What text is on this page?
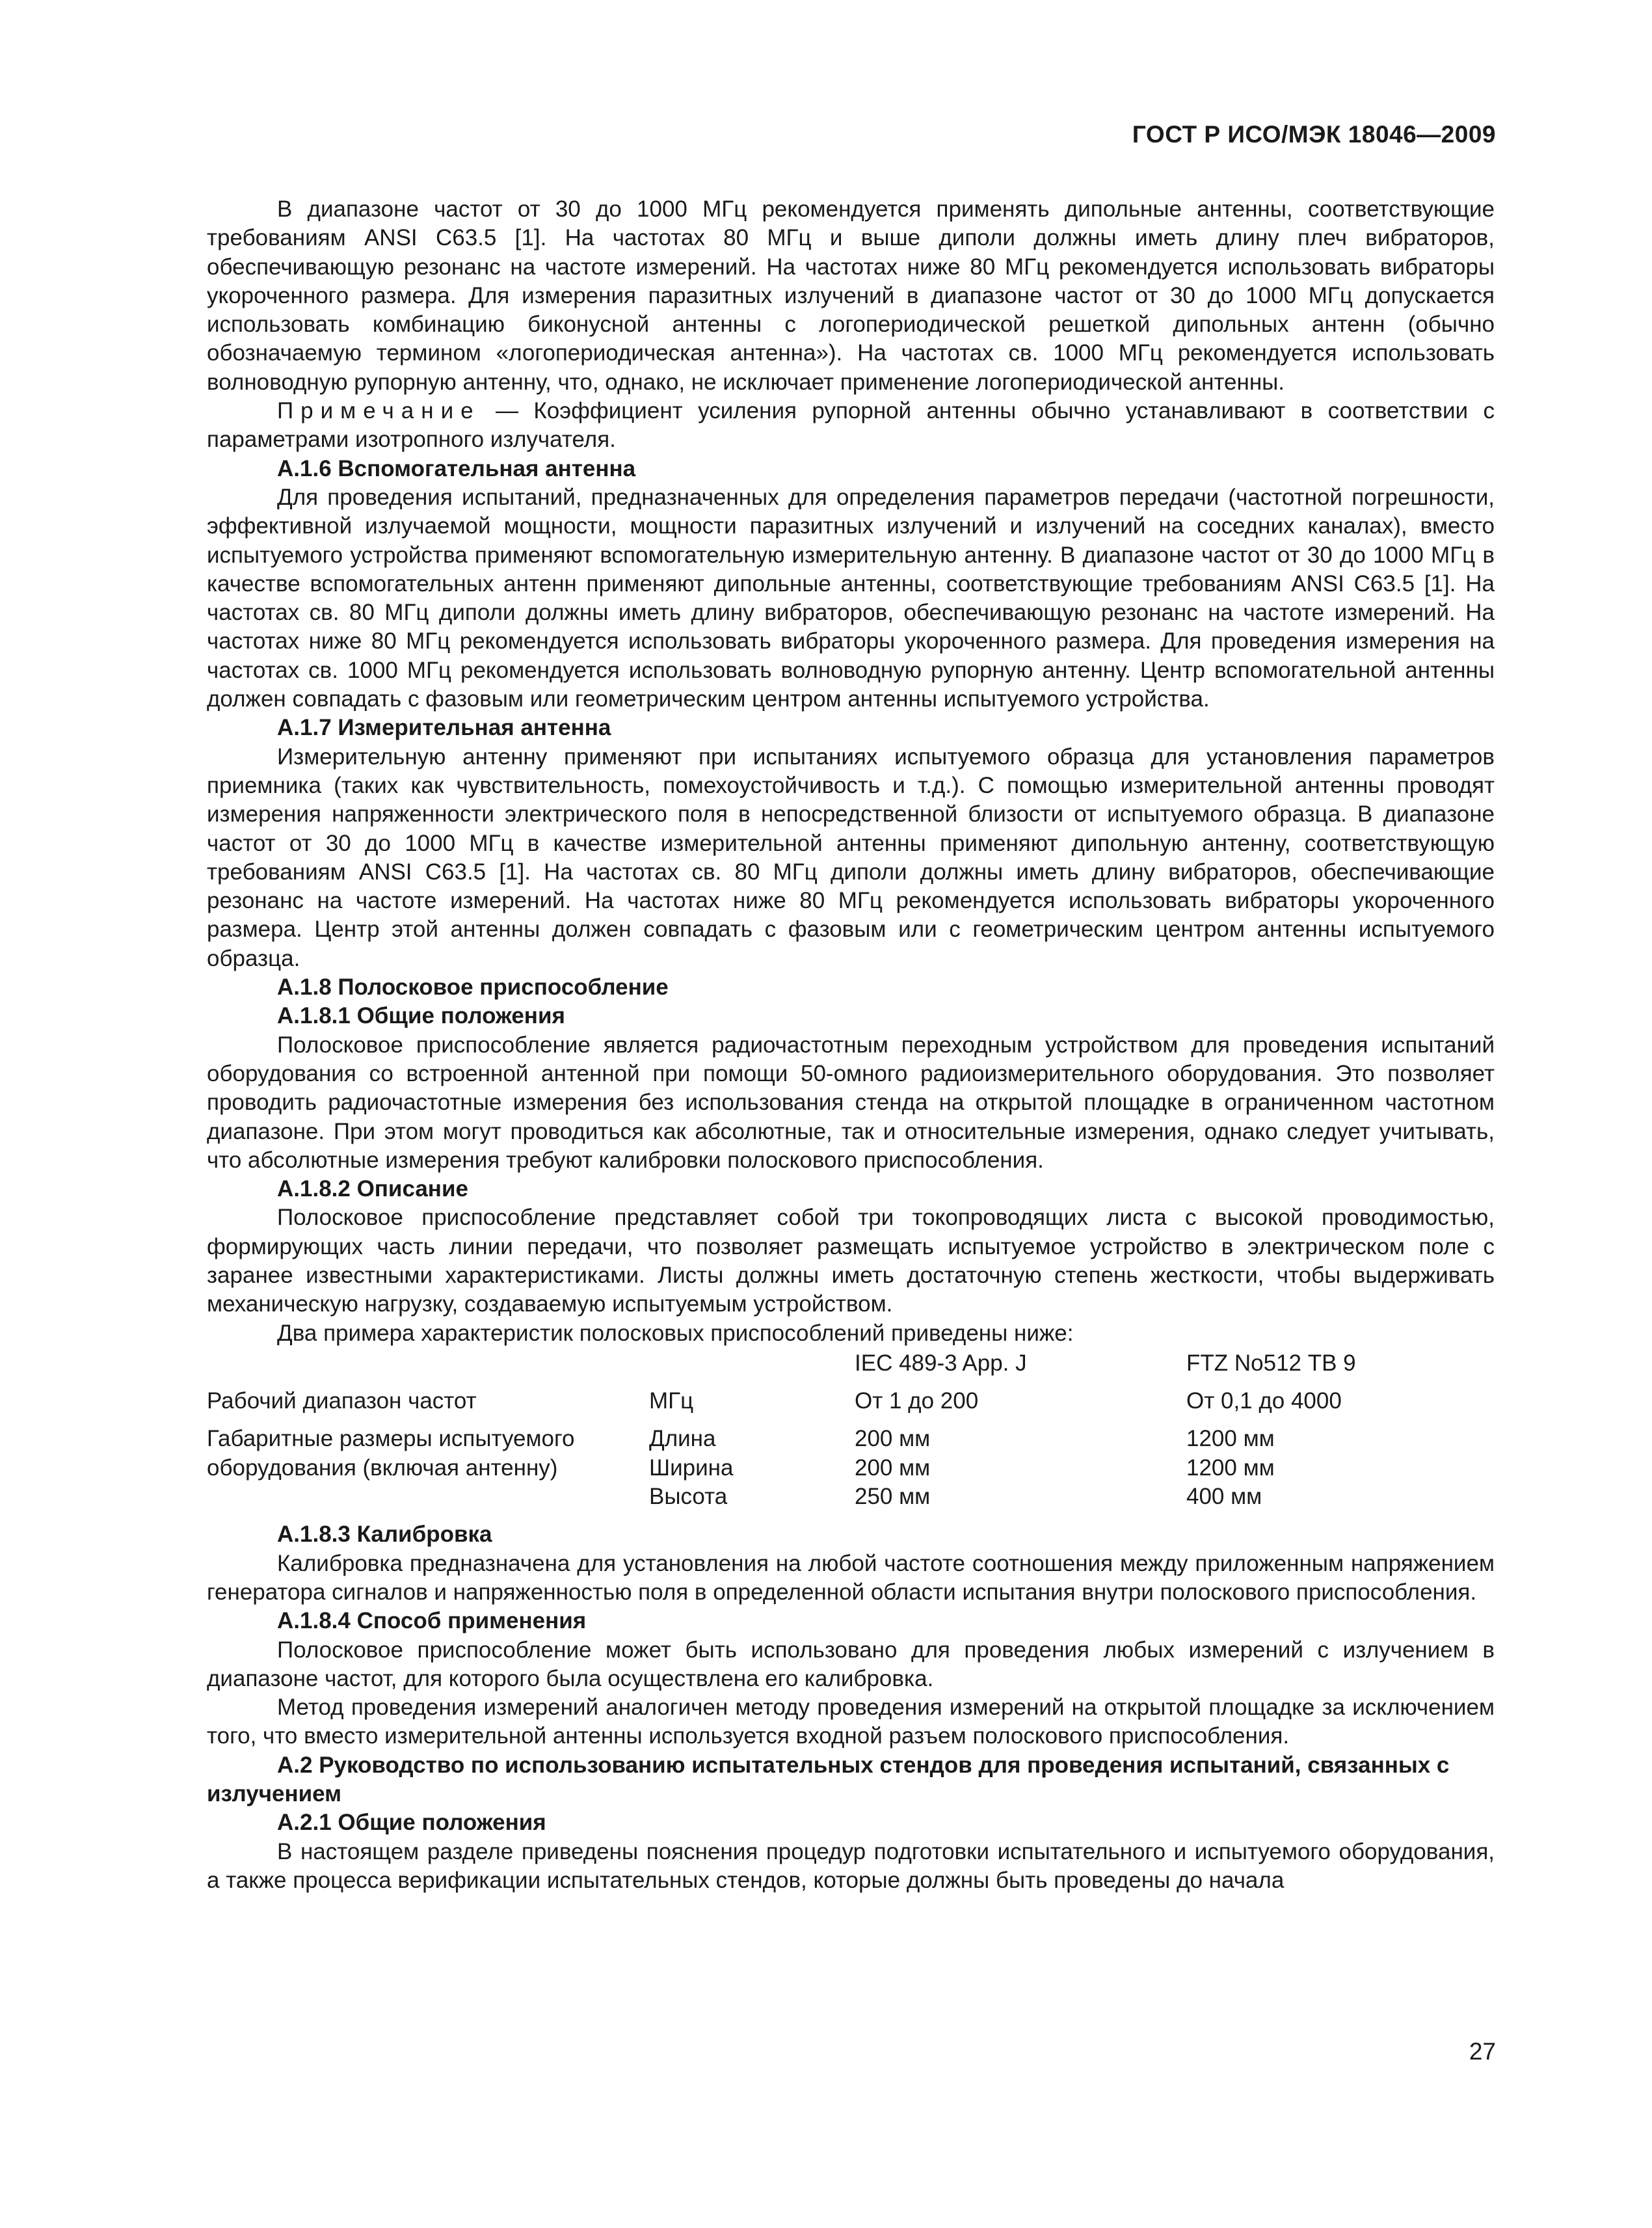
ГОСТ Р ИСО/МЭК 18046—2009

В диапазоне частот от 30 до 1000 МГц рекомендуется применять дипольные антенны, соответствующие требованиям ANSI С63.5 [1]. На частотах 80 МГц и выше диполи должны иметь длину плеч вибраторов, обеспечивающую резонанс на частоте измерений. На частотах ниже 80 МГц рекомендуется использовать вибраторы укороченного размера. Для измерения паразитных излучений в диапазоне частот от 30 до 1000 МГц допускается использовать комбинацию биконусной антенны с логопериодической решеткой дипольных антенн (обычно обозначаемую термином «логопериодическая антенна»). На частотах св. 1000 МГц рекомендуется использовать волноводную рупорную антенну, что, однако, не исключает применение логопериодической антенны.

Примечание — Коэффициент усиления рупорной антенны обычно устанавливают в соответствии с параметрами изотропного излучателя.

А.1.6 Вспомогательная антенна

Для проведения испытаний, предназначенных для определения параметров передачи (частотной погрешности, эффективной излучаемой мощности, мощности паразитных излучений и излучений на соседних каналах), вместо испытуемого устройства применяют вспомогательную измерительную антенну. В диапазоне частот от 30 до 1000 МГц в качестве вспомогательных антенн применяют дипольные антенны, соответствующие требованиям ANSI С63.5 [1]. На частотах св. 80 МГц диполи должны иметь длину вибраторов, обеспечивающую резонанс на частоте измерений. На частотах ниже 80 МГц рекомендуется использовать вибраторы укороченного размера. Для проведения измерения на частотах св. 1000 МГц рекомендуется использовать волноводную рупорную антенну. Центр вспомогательной антенны должен совпадать с фазовым или геометрическим центром антенны испытуемого устройства.

А.1.7 Измерительная антенна

Измерительную антенну применяют при испытаниях испытуемого образца для установления параметров приемника (таких как чувствительность, помехоустойчивость и т.д.). С помощью измерительной антенны проводят измерения напряженности электрического поля в непосредственной близости от испытуемого образца. В диапазоне частот от 30 до 1000 МГц в качестве измерительной антенны применяют дипольную антенну, соответствующую требованиям ANSI С63.5 [1]. На частотах св. 80 МГц диполи должны иметь длину вибраторов, обеспечивающие резонанс на частоте измерений. На частотах ниже 80 МГц рекомендуется использовать вибраторы укороченного размера. Центр этой антенны должен совпадать с фазовым или с геометрическим центром антенны испытуемого образца.

А.1.8 Полосковое приспособление
А.1.8.1 Общие положения

Полосковое приспособление является радиочастотным переходным устройством для проведения испытаний оборудования со встроенной антенной при помощи 50-омного радиоизмерительного оборудования. Это позволяет проводить радиочастотные измерения без использования стенда на открытой площадке в ограниченном частотном диапазоне. При этом могут проводиться как абсолютные, так и относительные измерения, однако следует учитывать, что абсолютные измерения требуют калибровки полоскового приспособления.

А.1.8.2 Описание

Полосковое приспособление представляет собой три токопроводящих листа с высокой проводимостью, формирующих часть линии передачи, что позволяет размещать испытуемое устройство в электрическом поле с заранее известными характеристиками. Листы должны иметь достаточную степень жесткости, чтобы выдерживать механическую нагрузку, создаваемую испытуемым устройством.

Два примера характеристик полосковых приспособлений приведены ниже:

		IEC 489-3 App. J	FTZ No512 ТВ 9

Рабочий диапазон частот	МГц	От 1 до 200	От 0,1 до 4000

Габаритные размеры испытуемого	Длина	200 мм	1200 мм
оборудования (включая антенну)	Ширина	200 мм	1200 мм
	Высота	250 мм	400 мм
А.1.8.3 Калибровка

Калибровка предназначена для установления на любой частоте соотношения между приложенным напряжением генератора сигналов и напряженностью поля в определенной области испытания внутри полоскового приспособления.

А.1.8.4 Способ применения

Полосковое приспособление может быть использовано для проведения любых измерений с излучением в диапазоне частот, для которого была осуществлена его калибровка.

Метод проведения измерений аналогичен методу проведения измерений на открытой площадке за исключением того, что вместо измерительной антенны используется входной разъем полоскового приспособления.

А.2 Руководство по использованию испытательных стендов для проведения испытаний, связанных с излучением
А.2.1 Общие положения

В настоящем разделе приведены пояснения процедур подготовки испытательного и испытуемого оборудования, а также процесса верификации испытательных стендов, которые должны быть проведены до начала

27
